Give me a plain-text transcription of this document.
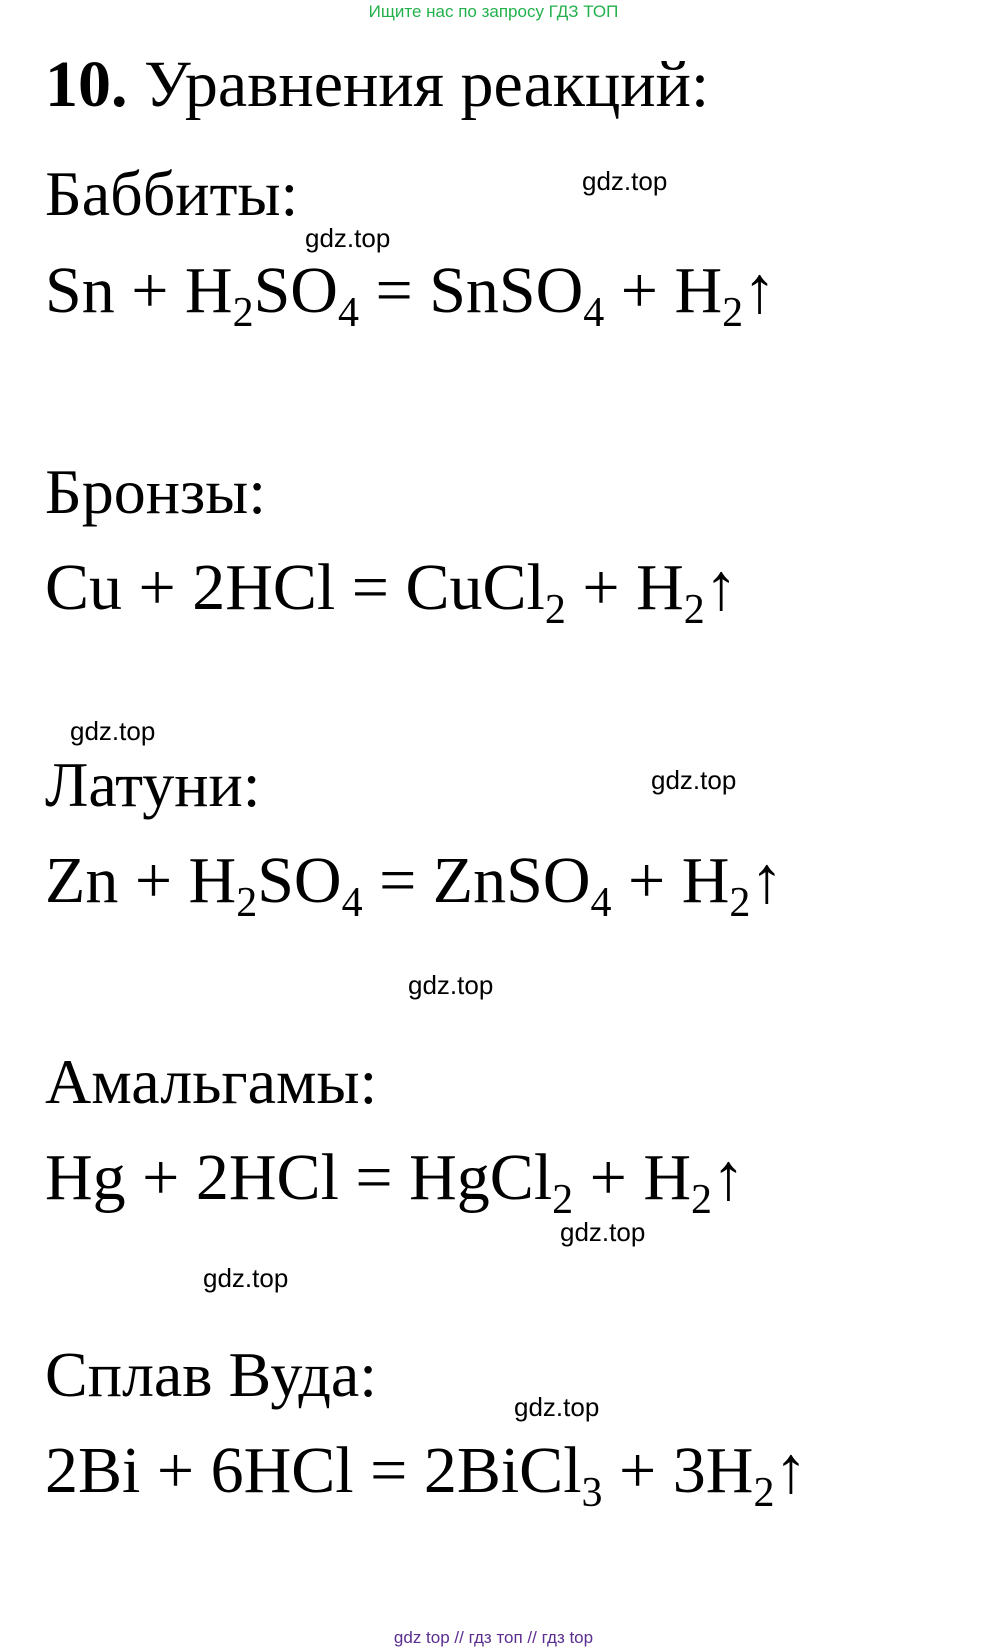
Ищите нас по запросу ГДЗ ТОП
10. Уравнения реакций:
Баббиты:
$Sn + H_2SO_4$ = SnSO$_4$ + $H_2↑$
Бронзы:
Cu + 2HCl = CuCl$_2$ + $H_2↑$
Латуни:
$Zn + H_2SO_4$ = ZnSO$_4$ + $H_2↑$
Амальгамы:
Hg + 2HCl = HgCl$_2$ + $H_2↑$
Сплав Вуда:
2Bi + 6HCl = 2BiCl$_3$ + $3H_2↑$
gdz.top
gdz.top
gdz.top
gdz.top
gdz.top
gdz.top
gdz.top
gdz.top
gdz top // гдз топ // гдз top
